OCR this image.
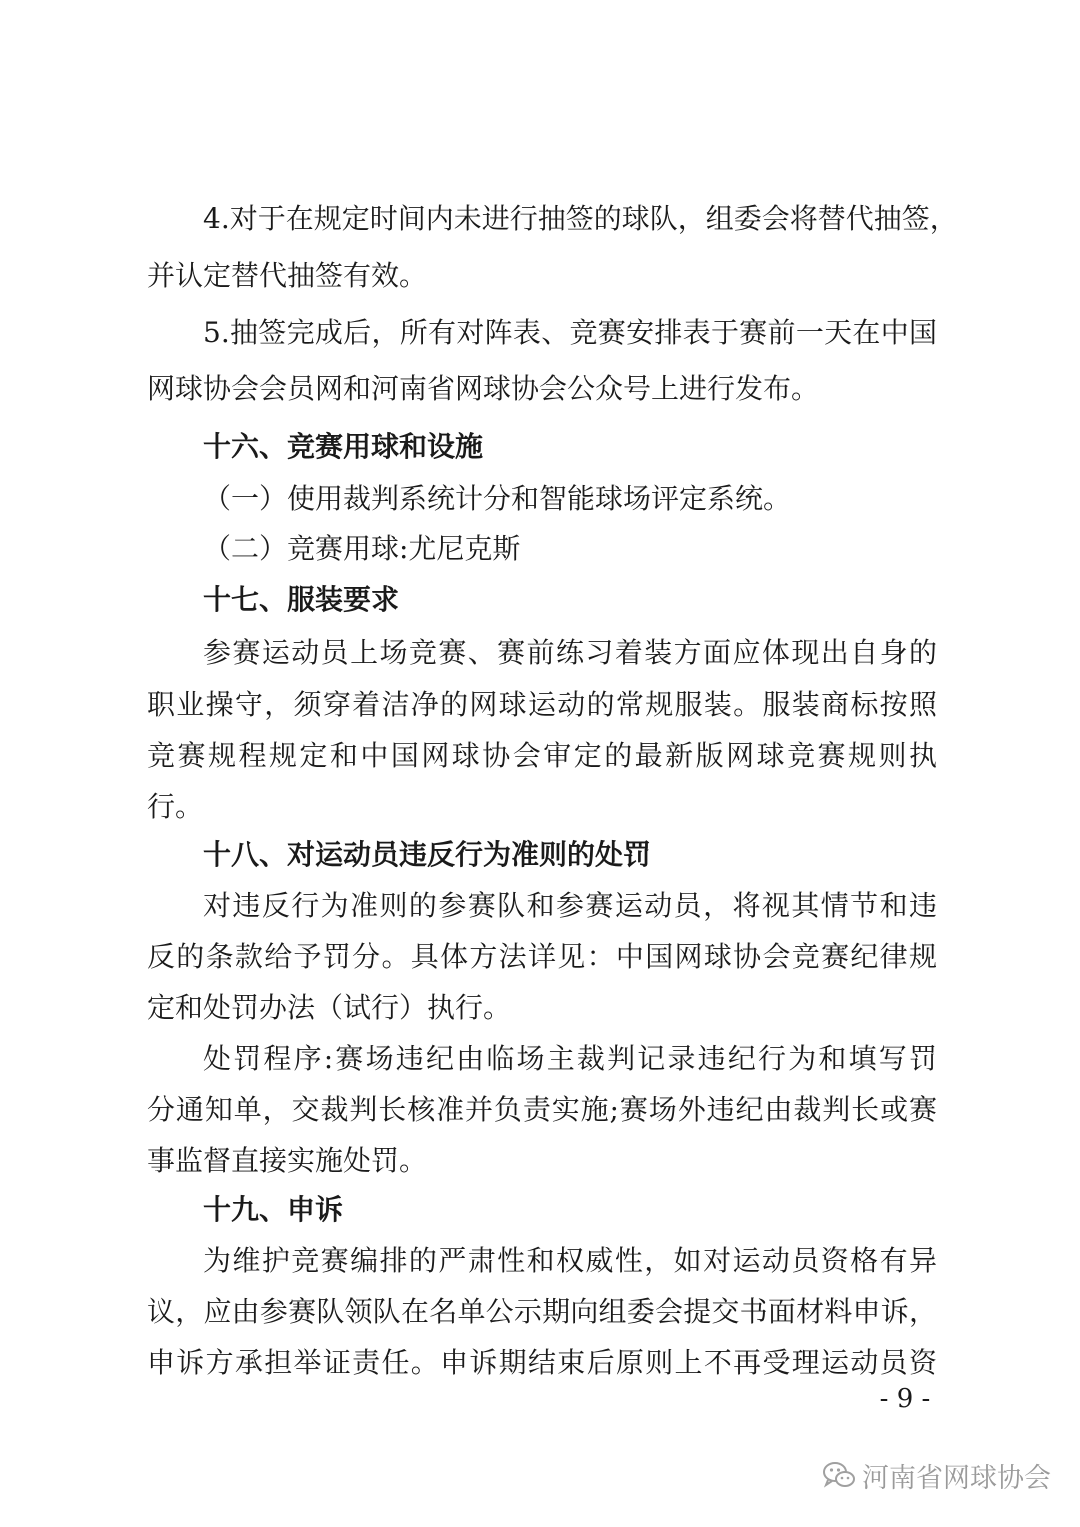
4.对于在规定时间内未进行抽签的球队，组委会将替代抽签，
并认定替代抽签有效。
5.抽签完成后，所有对阵表、竞赛安排表于赛前一天在中国
网球协会会员网和河南省网球协会公众号上进行发布。
十六、竞赛用球和设施
（一）使用裁判系统计分和智能球场评定系统。
（二）竞赛用球:尤尼克斯
十七、服装要求
参赛运动员上场竞赛、赛前练习着装方面应体现出自身的
职业操守，须穿着洁净的网球运动的常规服装。服装商标按照
竞赛规程规定和中国网球协会审定的最新版网球竞赛规则执
行。
十八、对运动员违反行为准则的处罚
对违反行为准则的参赛队和参赛运动员，将视其情节和违
反的条款给予罚分。具体方法详见：中国网球协会竞赛纪律规
定和处罚办法（试行）执行。
处罚程序:赛场违纪由临场主裁判记录违纪行为和填写罚
分通知单，交裁判长核准并负责实施;赛场外违纪由裁判长或赛
事监督直接实施处罚。
十九、申诉
为维护竞赛编排的严肃性和权威性，如对运动员资格有异
议，应由参赛队领队在名单公示期向组委会提交书面材料申诉，
申诉方承担举证责任。申诉期结束后原则上不再受理运动员资
- 9 -
河南省网球协会
